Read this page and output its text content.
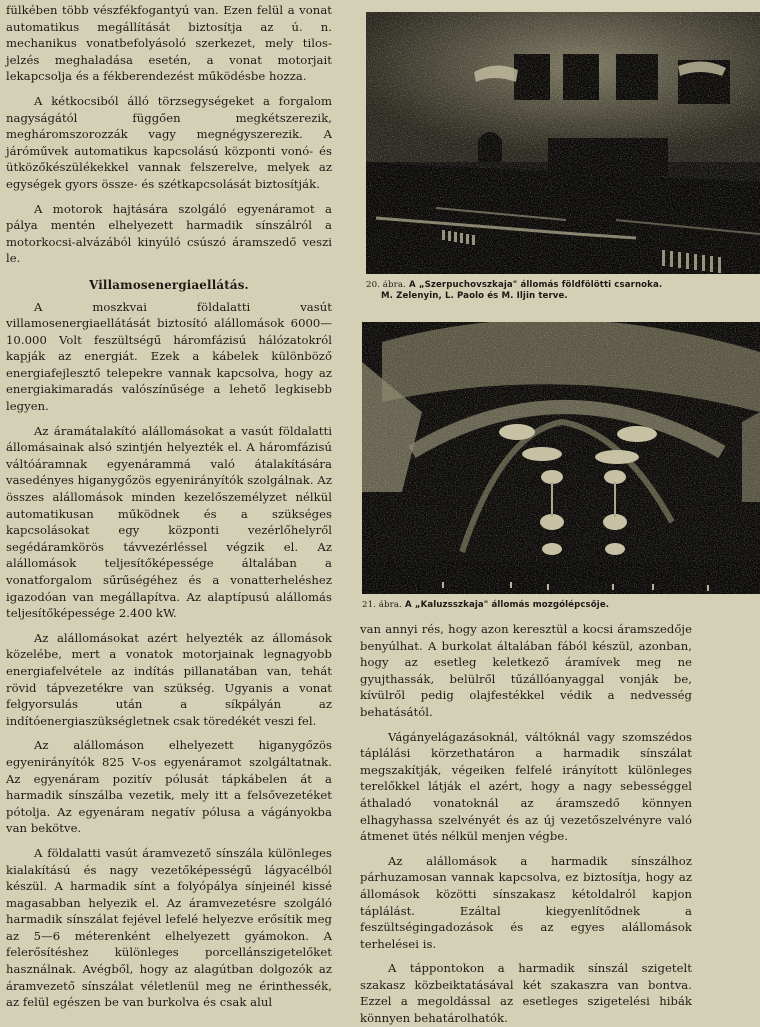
fülkében több vészfékfogantyú van. Ezen felül a vonat automatikus megállítását biztosítja az ú. n. mechanikus vonatbefolyásoló szerkezet, mely tilos-jelzés meghaladása esetén, a vonat motorjait lekapcsolja és a fékberendezést működésbe hozza.

A kétkocsiból álló törzsegységeket a forgalom nagyságától függően megkétszerezik, megháromszorozzák vagy megnégyszerezik. A járóművek automatikus kapcsolású központi vonó- és ütközőkészülékekkel vannak felszerelve, melyek az egységek gyors össze- és szétkapcsolását biztosítják.

A motorok hajtására szolgáló egyenáramot a pálya mentén elhelyezett harmadik sínszálról a motorkocsi-alvázából kinyúló csúszó áramszedő veszi le.

Villamosenergiaellátás.

A moszkvai földalatti vasút villamosenergiaellátását biztosító alállomások 6000—10.000 Volt feszültségű háromfázisú hálózatokról kapják az energiát. Ezek a kábelek különböző energiafejlesztő telepekre vannak kapcsolva, hogy az energiakimaradás valószínűsége a lehető legkisebb legyen.

Az áramátalakító alállomásokat a vasút földalatti állomásainak alsó szintjén helyezték el. A háromfázisú váltóáramnak egyenárammá való átalakítására vasedényes higanygőzös egyenirányítók szolgálnak. Az összes alállomások minden kezelőszemélyzet nélkül automatikusan működnek és a szükséges kapcsolásokat egy központi vezérlőhelyről segédáramkörös távvezérléssel végzik el. Az alállomások teljesítőképessége általában a vonatforgalom sűrűségéhez és a vonatterheléshez igazodóan van megállapítva. Az alaptípusú alállomás teljesítőképessége 2.400 kW.

Az alállomásokat azért helyezték az állomások közelébe, mert a vonatok motorjainak legnagyobb energiafelvétele az indítás pillanatában van, tehát rövid tápvezetékre van szükség. Ugyanis a vonat felgyorsulás után a síkpályán az indítóenergiaszükségletnek csak töredékét veszi fel.

Az alállomáson elhelyezett higanygőzös egyenirányítók 825 V-os egyenáramot szolgáltatnak. Az egyenáram pozitív pólusát tápkábelen át a harmadik sínszálba vezetik, mely itt a felsővezetéket pótolja. Az egyenáram negatív pólusa a vágányokba van bekötve.

A földalatti vasút áramvezető sínszála különleges kialakítású és nagy vezetőképességű lágyacélból készül. A harmadik sínt a folyópálya sínjeinél kissé magasabban helyezik el. Az áramvezetésre szolgáló harmadik sínszálat fejével lefelé helyezve erősítik meg az 5—6 méterenként elhelyezett gyámokon. A felerősítéshez különleges porcellánszigetelőket használnak. Avégből, hogy az alagútban dolgozók az áramvezető sínszálat véletlenül meg ne érinthessék, az felül egészen be van burkolva és csak alul

20. ábra. A „Szerpuchovszkaja" állomás földfölötti csarnoka.
M. Zelenyin, L. Paolo és M. Iljin terve.
21. ábra. A „Kaluzsszkaja" állomás mozgólépcsője.

van annyi rés, hogy azon keresztül a kocsi áramszedője benyúlhat. A burkolat általában fából készül, azonban, hogy az esetleg keletkező áramívek meg ne gyujthassák, belülről tűzállóanyaggal vonják be, kívülről pedig olajfestékkel védik a nedvesség behatásától.

Vágányelágazásoknál, váltóknál vagy szomszédos táplálási körzethatáron a harmadik sínszálat megszakítják, végeiken felfelé irányított különleges terelőkkel látják el azért, hogy a nagy sebességgel áthaladó vonatoknál az áramszedő könnyen elhagyhassa szelvényét és az új vezetőszelvényre való átmenet ütés nélkül menjen végbe.

Az alállomások a harmadik sínszálhoz párhuzamosan vannak kapcsolva, ez biztosítja, hogy az állomások közötti sínszakasz kétoldalról kapjon táplálást. Ezáltal kiegyenlítődnek a feszültségingadozások és az egyes alállomások terhelései is.

A táppontokon a harmadik sínszál szigetelt szakasz közbeiktatásával két szakaszra van bontva. Ezzel a megoldással az esetleges szigetelési hibák könnyen behatárolhatók.
